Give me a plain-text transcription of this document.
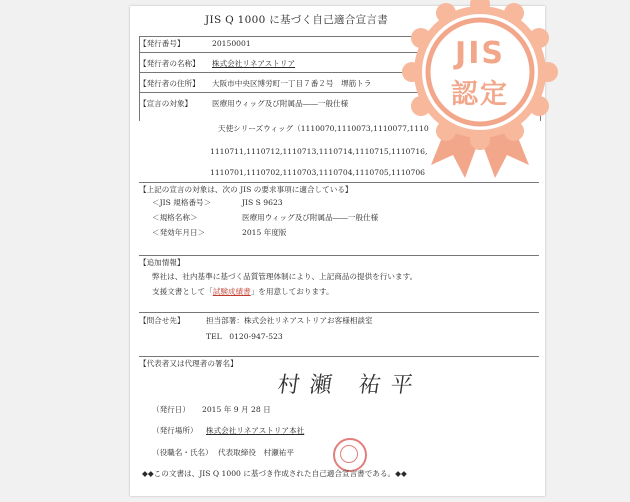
JIS Q 1000 に基づく自己適合宣言書
【発行番号】	20150001
【発行者の名称】 株式会社リネアストリア
【発行者の住所】 大阪市中央区博労町一丁目７番２号　堺筋トラ
【宣言の対象】	医療用ウィッグ及び附属品――一般仕様
天使シリーズウィッグ（1110070,1110073,1110077,1110
1110711,1110712,1110713,1110714,1110715,1110716,
1110701,1110702,1110703,1110704,1110705,1110706
【上記の宣言の対象は、次の JIS の要求事項に適合している】
＜JIS 規格番号＞	JIS S 9623
＜規格名称＞	医療用ウィッグ及び附属品――一般仕様
＜発効年月日＞	2015 年度版
【追加情報】
弊社は、社内基準に基づく品質管理体制により、上記商品の提供を行います。
支援文書として「試験成績書」を用意しております。
【問合せ先】	担当部署：株式会社リネアストリアお客様相談室
TEL　0120-947-523
【代表者又は代理者の署名】
村瀬 祐平
（発行日） 2015 年 9 月 28 日
（発行場所） 株式会社リネアストリア本社
（役職名・氏名） 代表取締役　村瀬祐平
◆◆この文書は、JIS Q 1000 に基づき作成された自己適合宣言書である。◆◆
JIS
認定
